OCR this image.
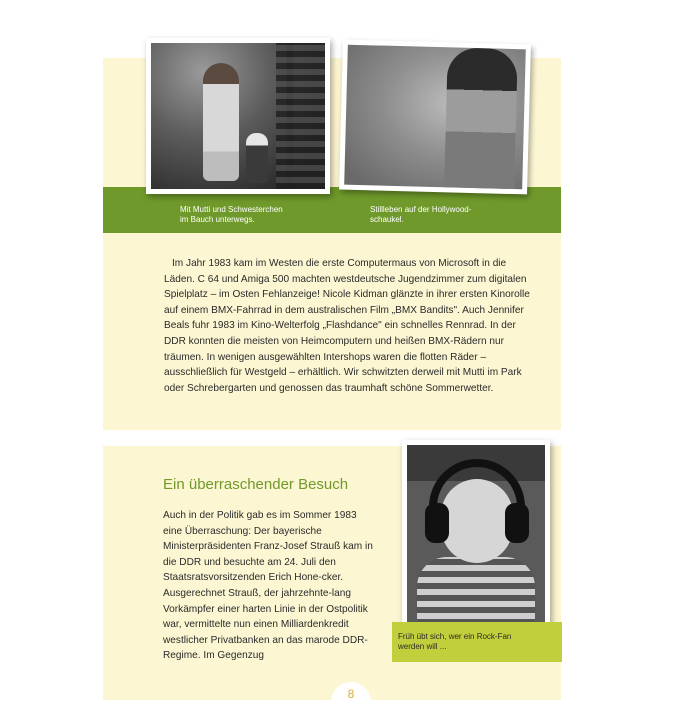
Mit Mutti und Schwesterchen
im Bauch unterwegs.
Stillleben auf der Hollywood-
schaukel.
Im Jahr 1983 kam im Westen die erste Computermaus von Microsoft in die Läden. C 64 und Amiga 500 machten westdeutsche Jugendzimmer zum digitalen Spielplatz – im Osten Fehlanzeige! Nicole Kidman glänzte in ihrer ersten Kinorolle auf einem BMX-Fahrrad in dem australischen Film „BMX Bandits". Auch Jennifer Beals fuhr 1983 im Kino-Welterfolg „Flashdance" ein schnelles Rennrad. In der DDR konnten die meisten von Heimcomputern und heißen BMX-Rädern nur träumen. In wenigen ausgewählten Intershops waren die flotten Räder – ausschließlich für Westgeld – erhältlich. Wir schwitzten derweil mit Mutti im Park oder Schrebergarten und genossen das traumhaft schöne Sommerwetter.
Ein überraschender Besuch
Auch in der Politik gab es im Sommer 1983 eine Überraschung: Der bayerische Ministerpräsidenten Franz-Josef Strauß kam in die DDR und besuchte am 24. Juli den Staatsratsvorsitzenden Erich Hone-cker. Ausgerechnet Strauß, der jahrzehnte-lang Vorkämpfer einer harten Linie in der Ostpolitik war, vermittelte nun einen Milliardenkredit westlicher Privatbanken an das marode DDR-Regime. Im Gegenzug
Früh übt sich, wer ein Rock-Fan
werden will ...
8
